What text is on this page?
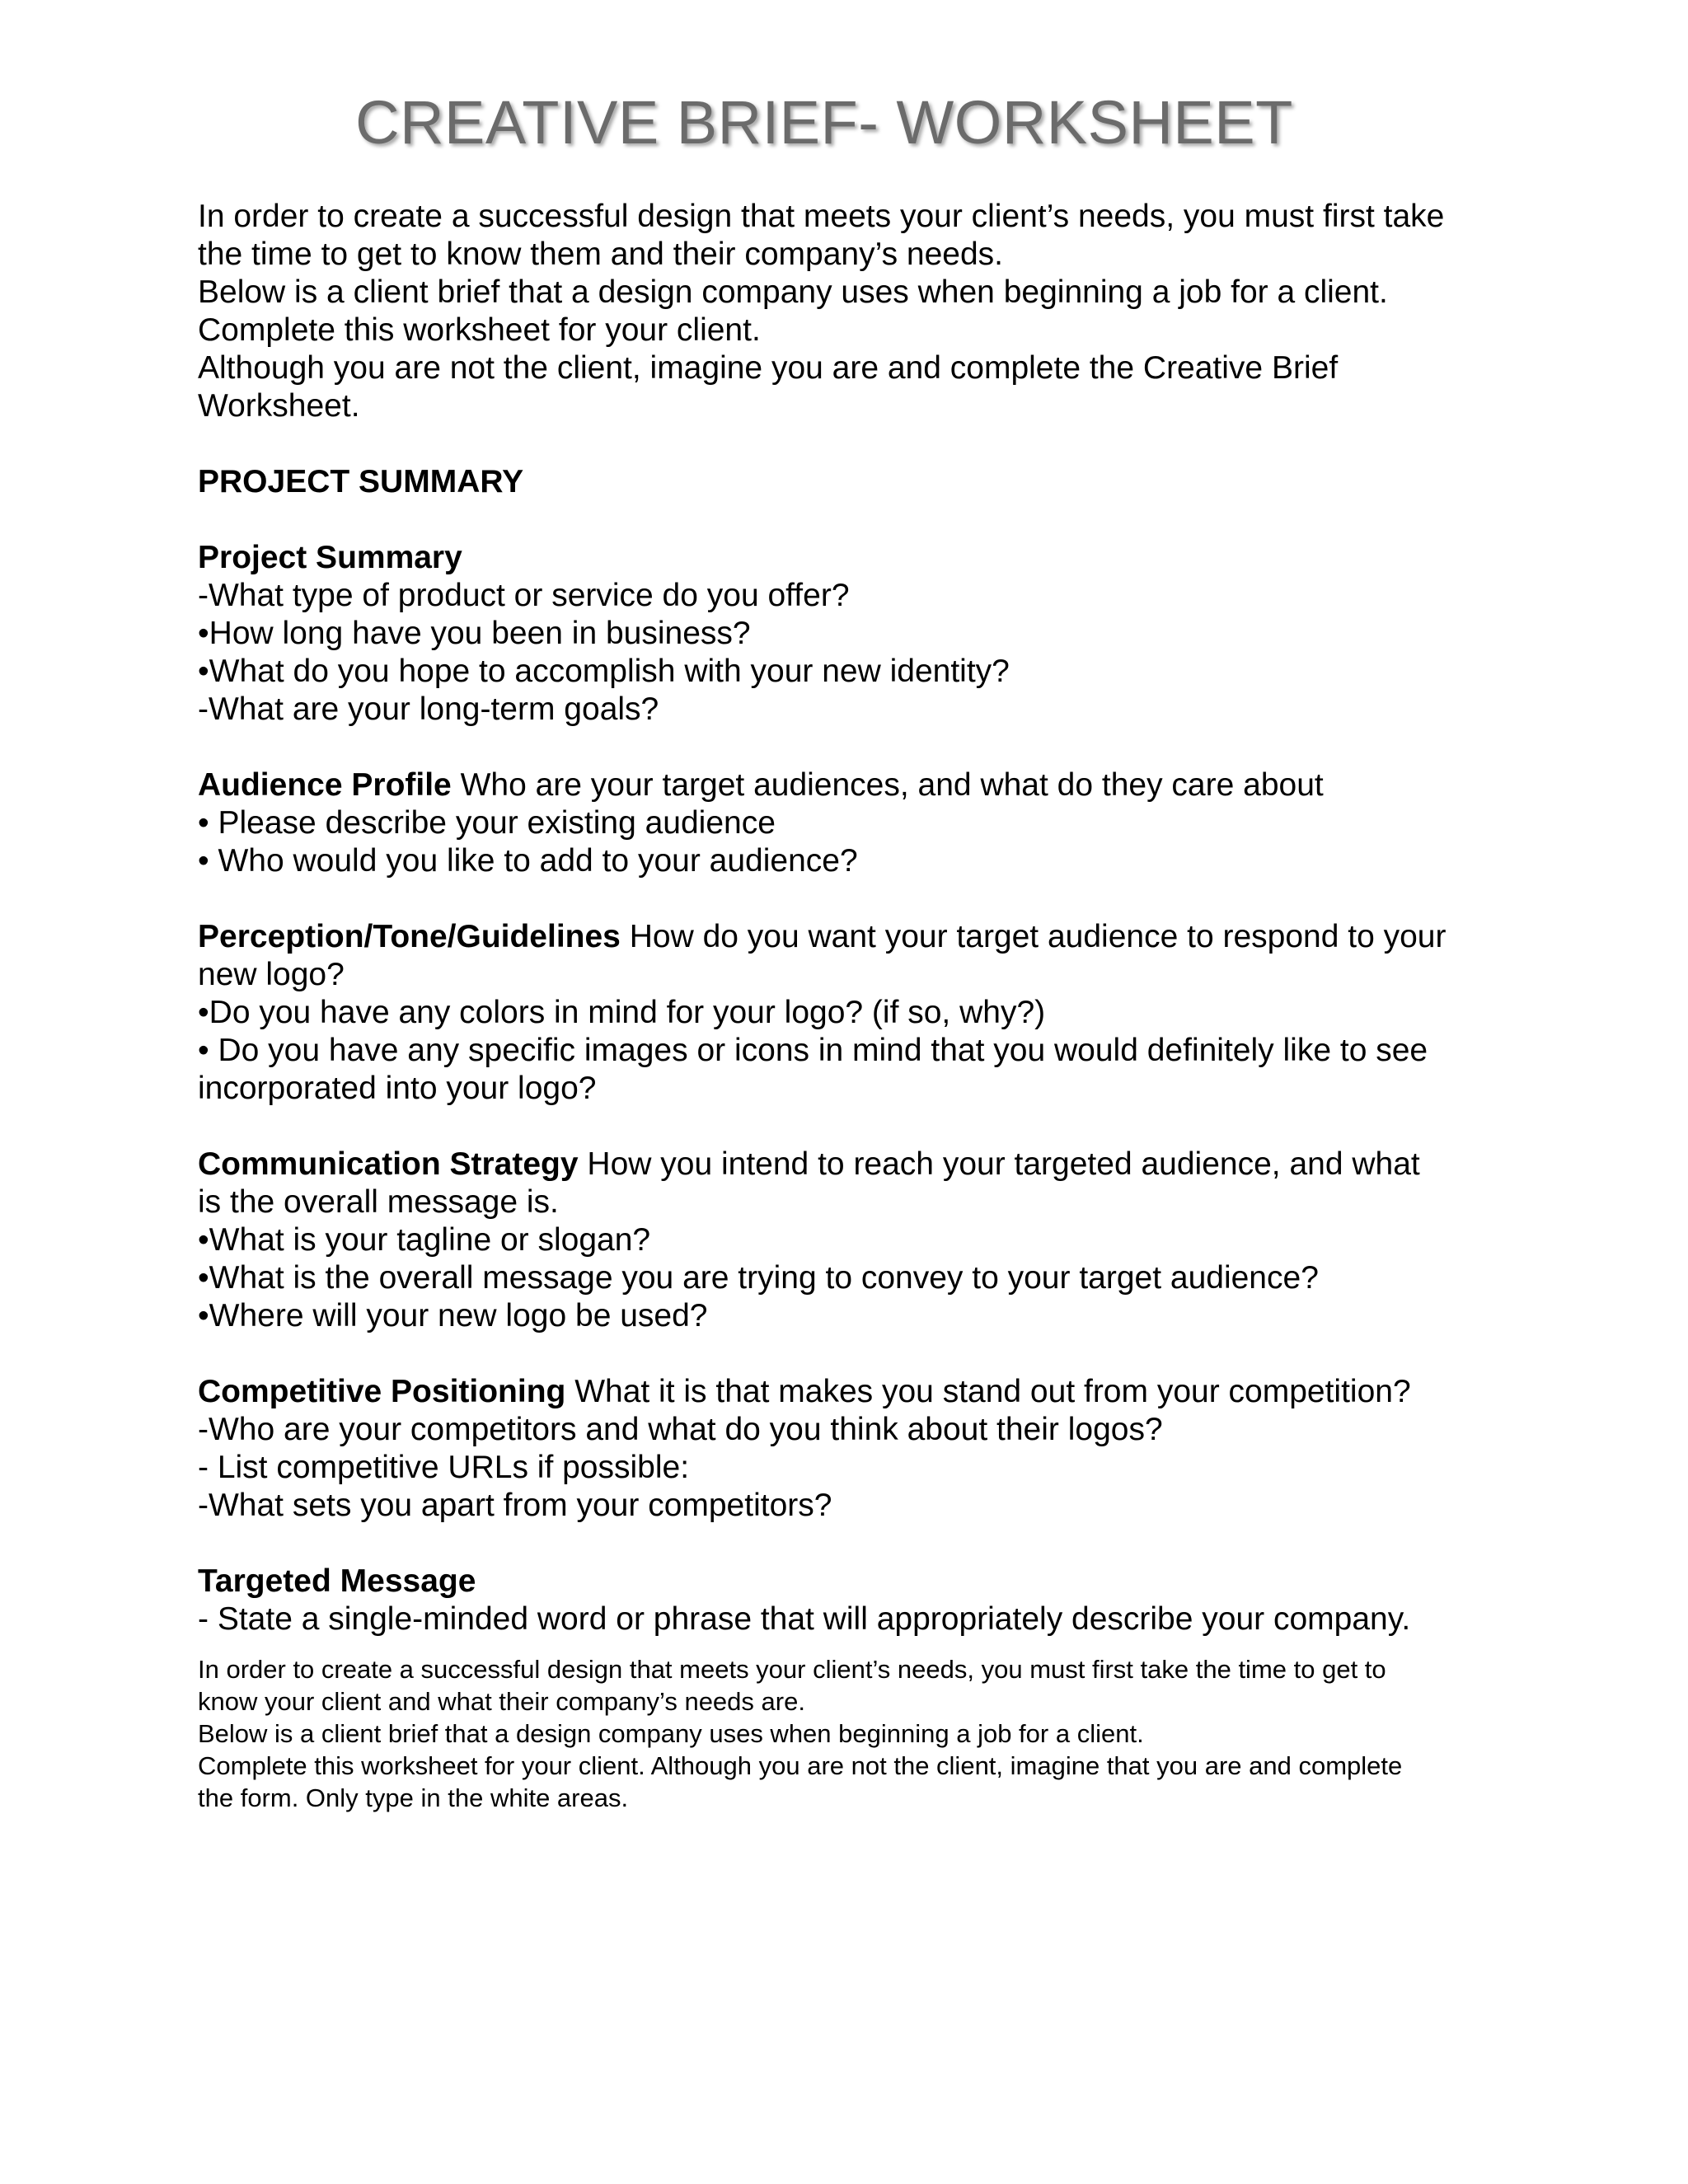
CREATIVE BRIEF- WORKSHEET
In order to create a successful design that meets your client’s needs, you must first take
the time to get to know them and their company’s needs.
Below is a client brief that a design company uses when beginning a job for a client.
Complete this worksheet for your client.
Although you are not the client, imagine you are and complete the Creative Brief
Worksheet.
PROJECT SUMMARY
Project Summary
-What type of product or service do you offer?
•How long have you been in business?
•What do you hope to accomplish with your new identity?
-What are your long-term goals?
Audience Profile Who are your target audiences, and what do they care about
• Please describe your existing audience
• Who would you like to add to your audience?
Perception/Tone/Guidelines How do you want your target audience to respond to your
new logo?
•Do you have any colors in mind for your logo? (if so, why?)
• Do you have any specific images or icons in mind that you would definitely like to see
incorporated into your logo?
Communication Strategy How you intend to reach your targeted audience, and what
is the overall message is.
•What is your tagline or slogan?
•What is the overall message you are trying to convey to your target audience?
•Where will your new logo be used?
Competitive Positioning What it is that makes you stand out from your competition?
-Who are your competitors and what do you think about their logos?
- List competitive URLs if possible:
-What sets you apart from your competitors?
Targeted Message
- State a single-minded word or phrase that will appropriately describe your company.
In order to create a successful design that meets your client’s needs, you must first take the time to get to
know your client and what their company’s needs are.
Below is a client brief that a design company uses when beginning a job for a client.
Complete this worksheet for your client. Although you are not the client, imagine that you are and complete
the form. Only type in the white areas.
